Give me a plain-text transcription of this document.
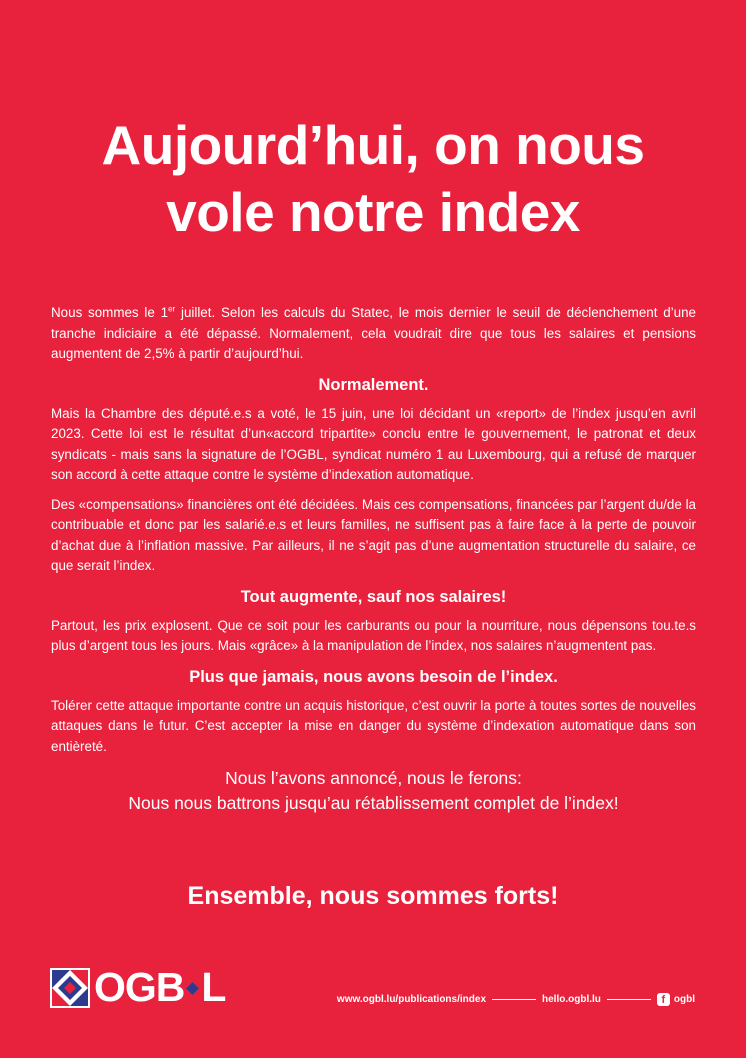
Aujourd’hui, on nous
vole notre index

Nous sommes le 1er juillet. Selon les calculs du Statec, le mois dernier le seuil de déclenchement d’une tranche indiciaire a été dépassé. Normalement, cela voudrait dire que tous les salaires et pensions augmentent de 2,5% à partir d’aujourd’hui.

Normalement.

Mais la Chambre des député.e.s a voté, le 15 juin, une loi décidant un «report» de l’index jusqu’en avril 2023. Cette loi est le résultat d’un«accord tripartite» conclu entre le gouvernement, le patronat et deux syndicats - mais sans la signature de l’OGBL, syndicat numéro 1 au Luxembourg, qui a refusé de marquer son accord à cette attaque contre le système d’indexation automatique.

Des «compensations» financières ont été décidées. Mais ces compensations, financées par l’argent du/de la contribuable et donc par les salarié.e.s et leurs familles, ne suffisent pas à faire face à la perte de pouvoir d’achat due à l’inflation massive. Par ailleurs, il ne s’agit pas d’une augmentation structurelle du salaire, ce que serait l’index.

Tout augmente, sauf nos salaires!

Partout, les prix explosent. Que ce soit pour les carburants ou pour la nourriture, nous dépensons tou.te.s plus d’argent tous les jours. Mais «grâce» à la manipulation de l’index, nos salaires n’augmentent pas.

Plus que jamais, nous avons besoin de l’index.

Tolérer cette attaque importante contre un acquis historique, c’est ouvrir la porte à toutes sortes de nouvelles attaques dans le futur. C’est accepter la mise en danger du système d’indexation automatique dans son entièreté.

Nous l’avons annoncé, nous le ferons:

Nous nous battrons jusqu’au rétablissement complet de l’index!

Ensemble, nous sommes forts!

OGB L	www.ogbl.lu/publications/index	hello.ogbl.lu	f ogbl
